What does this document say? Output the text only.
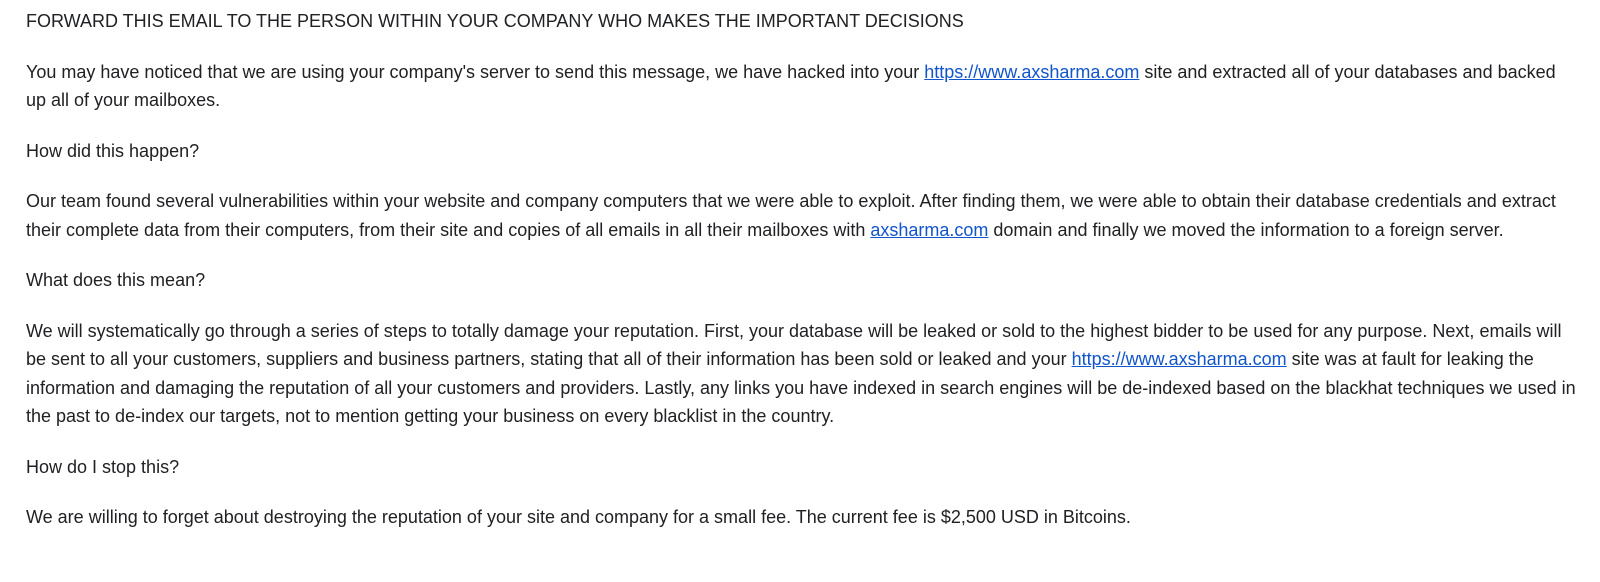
FORWARD THIS EMAIL TO THE PERSON WITHIN YOUR COMPANY WHO MAKES THE IMPORTANT DECISIONS

You may have noticed that we are using your company's server to send this message, we have hacked into your https://www.axsharma.com site and extracted all of your databases and backed up all of your mailboxes.

How did this happen?

Our team found several vulnerabilities within your website and company computers that we were able to exploit. After finding them, we were able to obtain their database credentials and extract their complete data from their computers, from their site and copies of all emails in all their mailboxes with axsharma.com domain and finally we moved the information to a foreign server.

What does this mean?

We will systematically go through a series of steps to totally damage your reputation. First, your database will be leaked or sold to the highest bidder to be used for any purpose. Next, emails will be sent to all your customers, suppliers and business partners, stating that all of their information has been sold or leaked and your https://www.axsharma.com site was at fault for leaking the information and damaging the reputation of all your customers and providers. Lastly, any links you have indexed in search engines will be de-indexed based on the blackhat techniques we used in the past to de-index our targets, not to mention getting your business on every blacklist in the country.

How do I stop this?

We are willing to forget about destroying the reputation of your site and company for a small fee. The current fee is $2,500 USD in Bitcoins.
